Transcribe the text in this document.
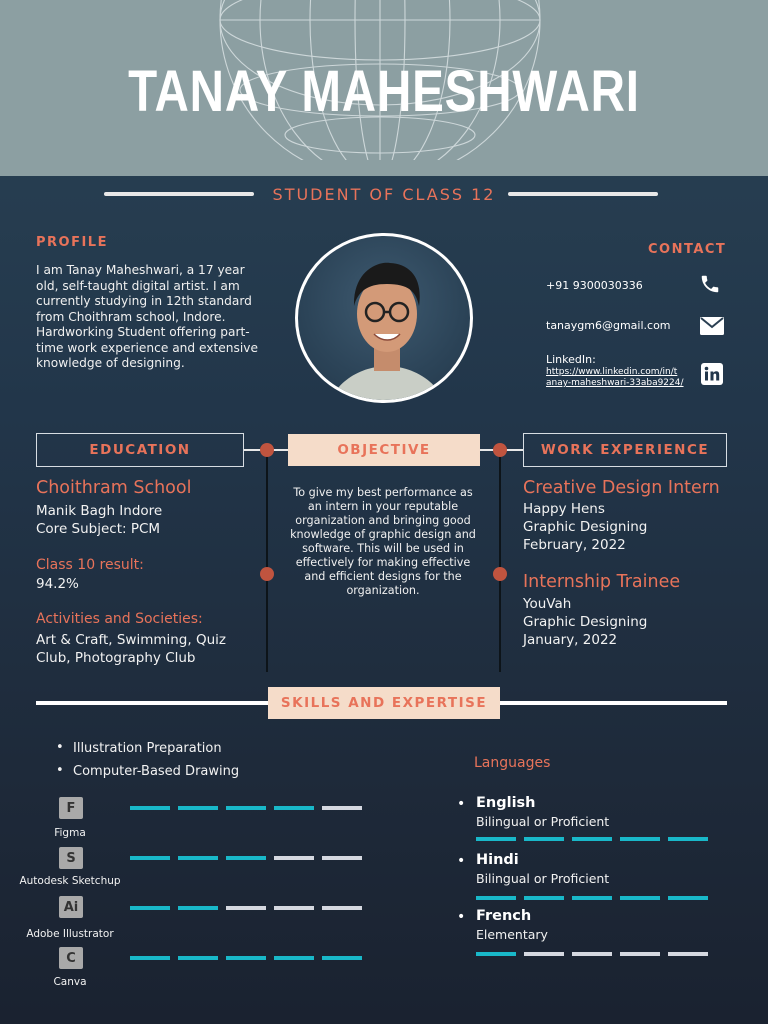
TANAY MAHESHWARI
STUDENT OF CLASS 12
PROFILE
I am Tanay Maheshwari, a 17 year old, self-taught digital artist. I am currently studying in 12th standard from Choithram school, Indore. Hardworking Student offering part-time work experience and extensive knowledge of designing.
CONTACT
+91 9300030336
tanaygm6@gmail.com
LinkedIn:
https://www.linkedin.com/in/t
anay-maheshwari-33aba9224/
EDUCATION	OBJECTIVE	WORK EXPERIENCE
Choithram School
Manik Bagh Indore
Core Subject: PCM
Class 10 result:
94.2%
Activities and Societies:
Art & Craft, Swimming, Quiz
Club, Photography Club
To give my best performance as an intern in your reputable organization and bringing good knowledge of graphic design and software. This will be used in effectively for making effective and efficient designs for the organization.
Creative Design Intern
Happy Hens
Graphic Designing
February, 2022
Internship Trainee
YouVah
Graphic Designing
January, 2022
SKILLS AND EXPERTISE
• Illustration Preparation
• Computer-Based Drawing
F
Figma
S
Autodesk Sketchup
Ai
Adobe Illustrator
C
Canva
Languages
• English
Bilingual or Proficient
• Hindi
Bilingual or Proficient
• French
Elementary
